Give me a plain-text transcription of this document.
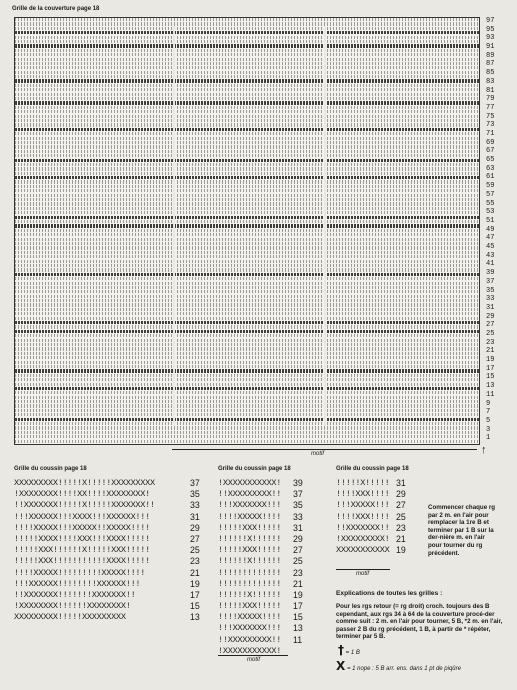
Grille de la couverture page 18
97
95
93
91
89
87
85
83
81
79
77
75
73
71
69
67
65
63
61
59
57
55
53
51
49
47
45
43
41
39
37
35
33
31
29
27
25
23
21
19
17
15
13
11
9
7
5
3
1
motif	↑
Grille du coussin page 18
XXXXXXXXX!!!!!X!!!!!XXXXXXXXX
!XXXXXXXX!!!!XX!!!!XXXXXXXX!
!!XXXXXXX!!!!!X!!!!!XXXXXXX!!
!!!XXXXXX!!!XXXX!!!XXXXXX!!!
!!!!XXXXX!!!XXXXX!!XXXXX!!!!
!!!!!XXXX!!!!XXX!!!XXXX!!!!!
!!!!!XXX!!!!!!X!!!!!XXX!!!!!
!!!!!XXX!!!!!!!!!!!XXXX!!!!!
!!!!XXXXX!!!!!!!!!XXXXX!!!!
!!!XXXXXX!!!!!!!!XXXXXX!!!
!!XXXXXXX!!!!!!!XXXXXXX!!
!XXXXXXXX!!!!!!XXXXXXXX!
XXXXXXXXX!!!!!XXXXXXXXX
37
35
33
31
29
27
25
23
21
19
17
15
13
Grille du coussin page 18
!XXXXXXXXXXX!
!!XXXXXXXXX!!
!!!XXXXXXX!!!
!!!!XXXXX!!!!
!!!!!XXX!!!!!
!!!!!!X!!!!!!
!!!!!XXX!!!!!
!!!!!!X!!!!!!
!!!!!!!!!!!!!
!!!!!!!!!!!!!
!!!!!!X!!!!!!
!!!!!XXX!!!!!
!!!!XXXXX!!!!
!!!XXXXXXX!!!
!!XXXXXXXXX!!
!XXXXXXXXXXX!
39
37
35
33
31
29
27
25
23
21
19
17
15
13
11
motif
Grille du coussin page 18
!!!!!X!!!!!
!!!!XXX!!!!
!!!XXXXX!!!
!!!!XXX!!!!
!!XXXXXXX!!
!XXXXXXXXX!
XXXXXXXXXXX
31
29
27
25
23
21
19
motif
Commencer chaque rg par 2 m. en l'air pour remplacer la 1re B et terminer par 1 B sur la der-nière m. en l'air pour tourner du rg précédent.
Explications de toutes les grilles :
Pour les rgs retour (= rg droit) croch. toujours des B cependant, aux rgs 34 à 64 de la couverture procé-der comme suit : 2 m. en l'air pour tourner, 5 B, *2 m. en l'air, passer 2 B du rg précédent, 1 B, à partir de * répéter, terminer par 5 B.
† = 1 B
X = 1 nope : 5 B arr. ens. dans 1 pt de piqûre
